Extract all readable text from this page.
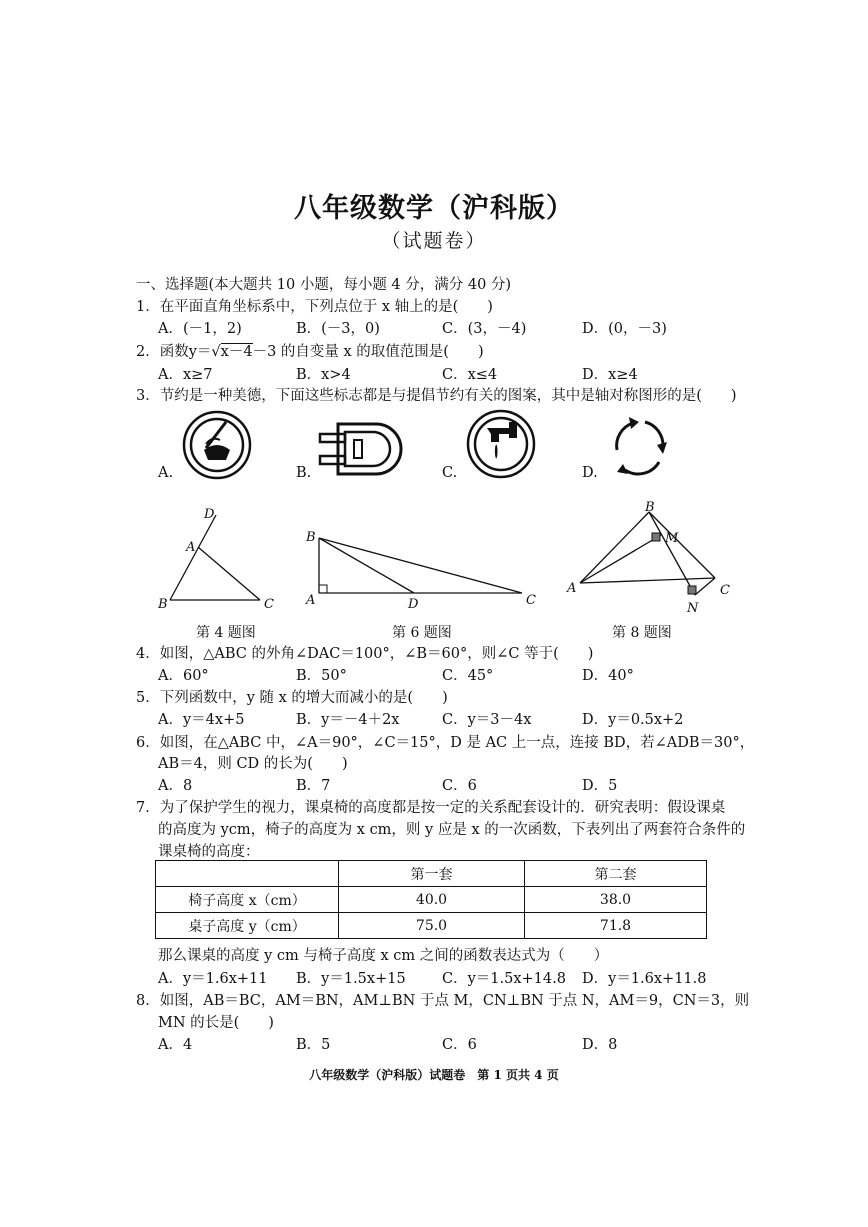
八年级数学（沪科版）
（试题卷）
一、选择题(本大题共 10 小题，每小题 4 分，满分 40 分)
1．在平面直角坐标系中，下列点位于 x 轴上的是(　　)
A．(－1，2)	B．(－3，0)	C．(3，－4)	D．(0，－3)
2．函数y＝√x－4－3 的自变量 x 的取值范围是(　　)
A．x≥7	B．x>4	C．x≤4	D．x≥4
3．节约是一种美德，下面这些标志都是与提倡节约有关的图案，其中是轴对称图形的是(　　)
A.	B.	C.	D.
D
A
B	C
B
A	D	C
B
M
A	C
N
第 4 题图	第 6 题图	第 8 题图
4．如图，△ABC 的外角∠DAC＝100°，∠B＝60°，则∠C 等于(　　)
A．60°	B．50°	C．45°	D．40°
5．下列函数中，y 随 x 的增大而减小的是(　　)
A．y＝4x+5	B．y＝－4＋2x	C．y＝3－4x	D．y＝0.5x+2
6．如图，在△ABC 中，∠A＝90°，∠C＝15°，D 是 AC 上一点，连接 BD，若∠ADB＝30°，
AB＝4，则 CD 的长为(　　)
A．8	B．7	C．6	D．5
7．为了保护学生的视力，课桌椅的高度都是按一定的关系配套设计的．研究表明：假设课桌
的高度为 ycm，椅子的高度为 x cm，则 y 应是 x 的一次函数，下表列出了两套符合条件的
课桌椅的高度：
	第一套	第二套
椅子高度 x（cm）	40.0	38.0
桌子高度 y（cm）	75.0	71.8
那么课桌的高度 y cm 与椅子高度 x cm 之间的函数表达式为（　　）
A．y＝1.6x+11 B．y＝1.5x+15	C．y＝1.5x+14.8 D．y＝1.6x+11.8
8．如图，AB＝BC，AM＝BN，AM⊥BN 于点 M，CN⊥BN 于点 N，AM＝9，CN＝3，则
MN 的长是(　　)
A．4	B．5	C．6	D．8
八年级数学（沪科版）试题卷　第 1 页共 4 页
